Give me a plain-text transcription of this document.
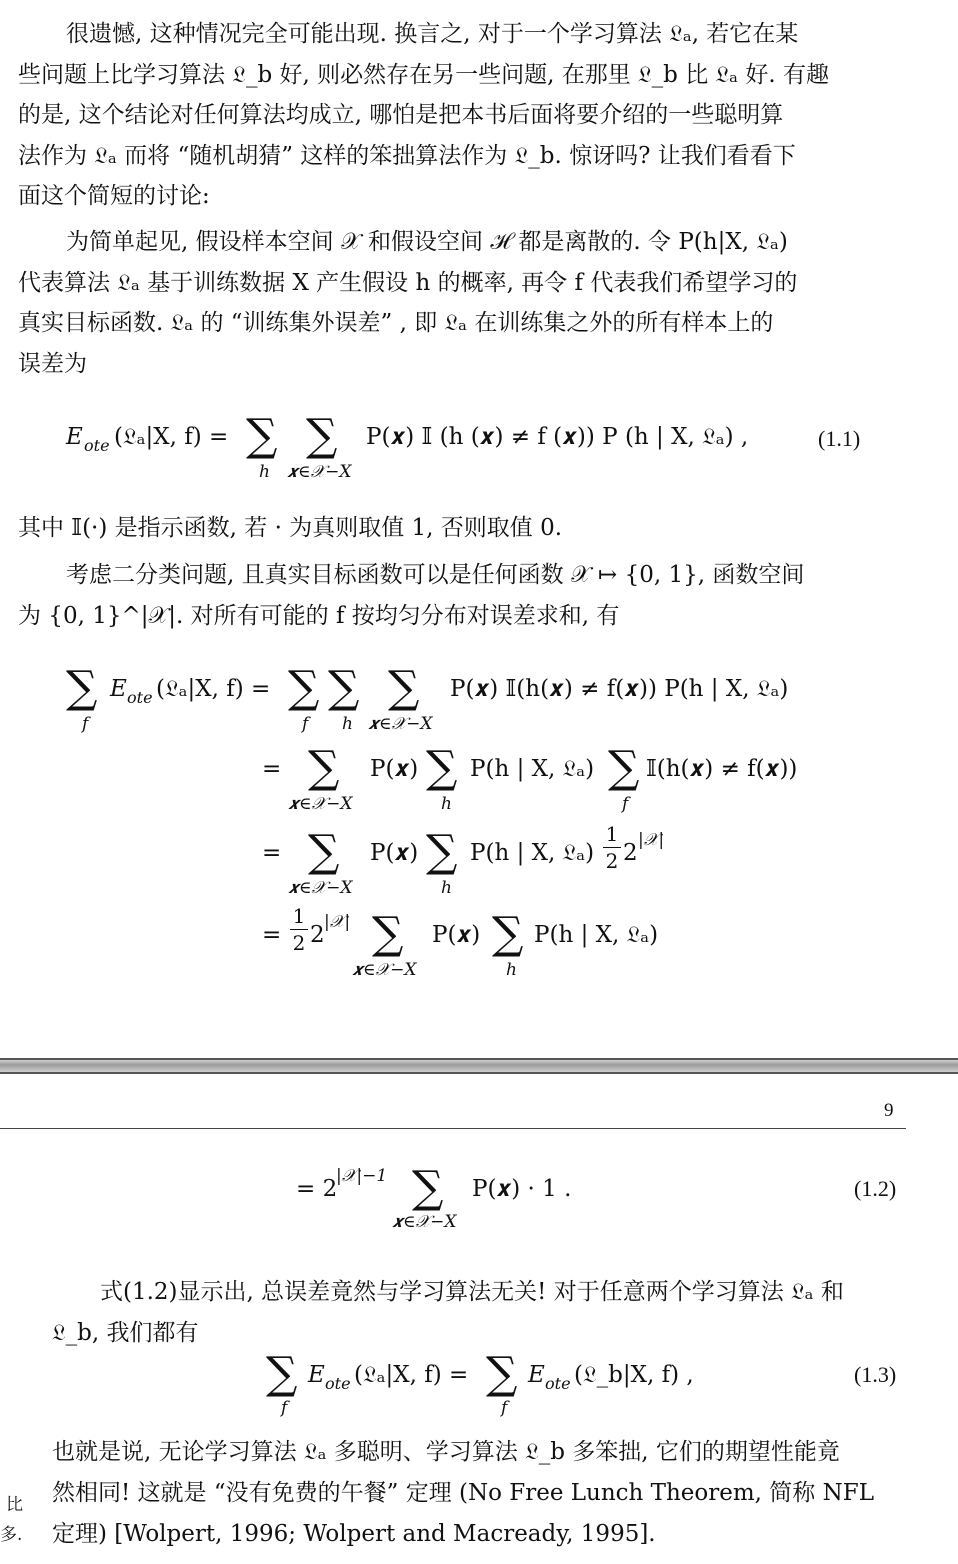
很遗憾, 这种情况完全可能出现. 换言之, 对于一个学习算法 𝔏ₐ, 若它在某
些问题上比学习算法 𝔏_b 好, 则必然存在另一些问题, 在那里 𝔏_b 比 𝔏ₐ 好. 有趣
的是, 这个结论对任何算法均成立, 哪怕是把本书后面将要介绍的一些聪明算
法作为 𝔏ₐ 而将 “随机胡猜” 这样的笨拙算法作为 𝔏_b. 惊讶吗? 让我们看看下
面这个简短的讨论:

为简单起见, 假设样本空间 𝒳 和假设空间 ℋ 都是离散的. 令 P(h|X, 𝔏ₐ)
代表算法 𝔏ₐ 基于训练数据 X 产生假设 h 的概率, 再令 f 代表我们希望学习的
真实目标函数. 𝔏ₐ 的 “训练集外误差” , 即 𝔏ₐ 在训练集之外的所有样本上的
误差为

E ote (𝔏ₐ|X, f) = ∑ ∑
h 𝒙∈𝒳−X
P(𝒙) 𝕀 (h (𝒙) ≠ f (𝒙)) P (h | X, 𝔏ₐ) ,	(1.1)

其中 𝕀(·) 是指示函数, 若 · 为真则取值 1, 否则取值 0.

考虑二分类问题, 且真实目标函数可以是任何函数 𝒳 ↦ {0, 1}, 函数空间
为 {0, 1}^|𝒳|. 对所有可能的 f 按均匀分布对误差求和, 有

∑
f
E ote (𝔏ₐ|X, f) = ∑
f
∑
h
∑
𝒙∈𝒳−X
P(𝒙) 𝕀(h(𝒙) ≠ f(𝒙)) P(h | X, 𝔏ₐ)
= ∑
𝒙∈𝒳−X
P(𝒙) ∑
h
P(h | X, 𝔏ₐ) ∑
f
𝕀(h(𝒙) ≠ f(𝒙))
= ∑
𝒙∈𝒳−X
P(𝒙) ∑
h
P(h | X, 𝔏ₐ)
1
2 2 |𝒳|
=
1
2 2 |𝒳| ∑
𝒙∈𝒳−X
P(𝒙) ∑
h
P(h | X, 𝔏ₐ)
9
= 2
|𝒳|−1 ∑
𝒙∈𝒳−X
P(𝒙) · 1 .	(1.2)

式(1.2)显示出, 总误差竟然与学习算法无关! 对于任意两个学习算法 𝔏ₐ 和
𝔏_b, 我们都有

∑
f
E ote (𝔏ₐ|X, f) = ∑
f
E ote (𝔏_b|X, f) ,	(1.3)

也就是说, 无论学习算法 𝔏ₐ 多聪明、学习算法 𝔏_b 多笨拙, 它们的期望性能竟
然相同! 这就是 “没有免费的午餐” 定理 (No Free Lunch Theorem, 简称 NFL
定理) [Wolpert, 1996; Wolpert and Macready, 1995].

比
多.
